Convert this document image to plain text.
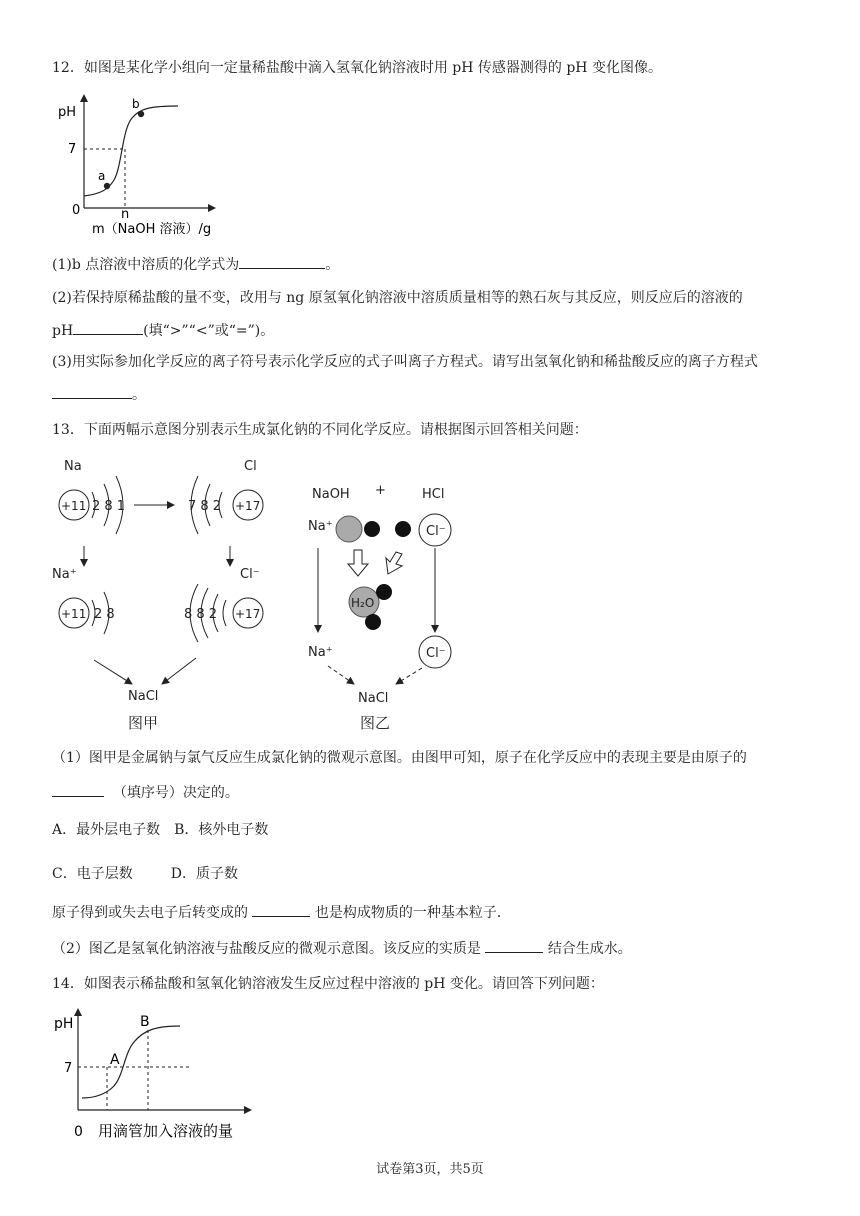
12．如图是某化学小组向一定量稀盐酸中滴入氢氧化钠溶液时用 pH 传感器测得的 pH 变化图像。
pH
7
0	n
a
b
m（NaOH 溶液）/g
(1)b 点溶液中溶质的化学式为	。
(2)若保持原稀盐酸的量不变，改用与 ng 原氢氧化钠溶液中溶质质量相等的熟石灰与其反应，则反应后的溶液的
pH	(填“>”“<”或“=”)。
(3)用实际参加化学反应的离子符号表示化学反应的式子叫离子方程式。请写出氢氧化钠和稀盐酸反应的离子方程式
。
13．下面两幅示意图分别表示生成氯化钠的不同化学反应。请根据图示回答相关问题：
Na
+11 2 8 1
Cl
7 8 2 +17
Na⁺
+11 2 8
Cl⁻
8 8 2 +17
NaCl
图甲
NaOH +	HCl
Na⁺	Cl⁻
H₂O
Na⁺	Cl⁻
NaCl
图乙
（1）图甲是金属钠与氯气反应生成氯化钠的微观示意图。由图甲可知，原子在化学反应中的表现主要是由原子的
（填序号）决定的。
A．最外层电子数 B．核外电子数
C．电子层数	D．质子数
原子得到或失去电子后转变成的	也是构成物质的一种基本粒子．
（2）图乙是氢氧化钠溶液与盐酸反应的微观示意图。该反应的实质是	结合生成水。
14．如图表示稀盐酸和氢氧化钠溶液发生反应过程中溶液的 pH 变化。请回答下列问题：
pH
7
A
B
0 用滴管加入溶液的量
试卷第3页，共5页
